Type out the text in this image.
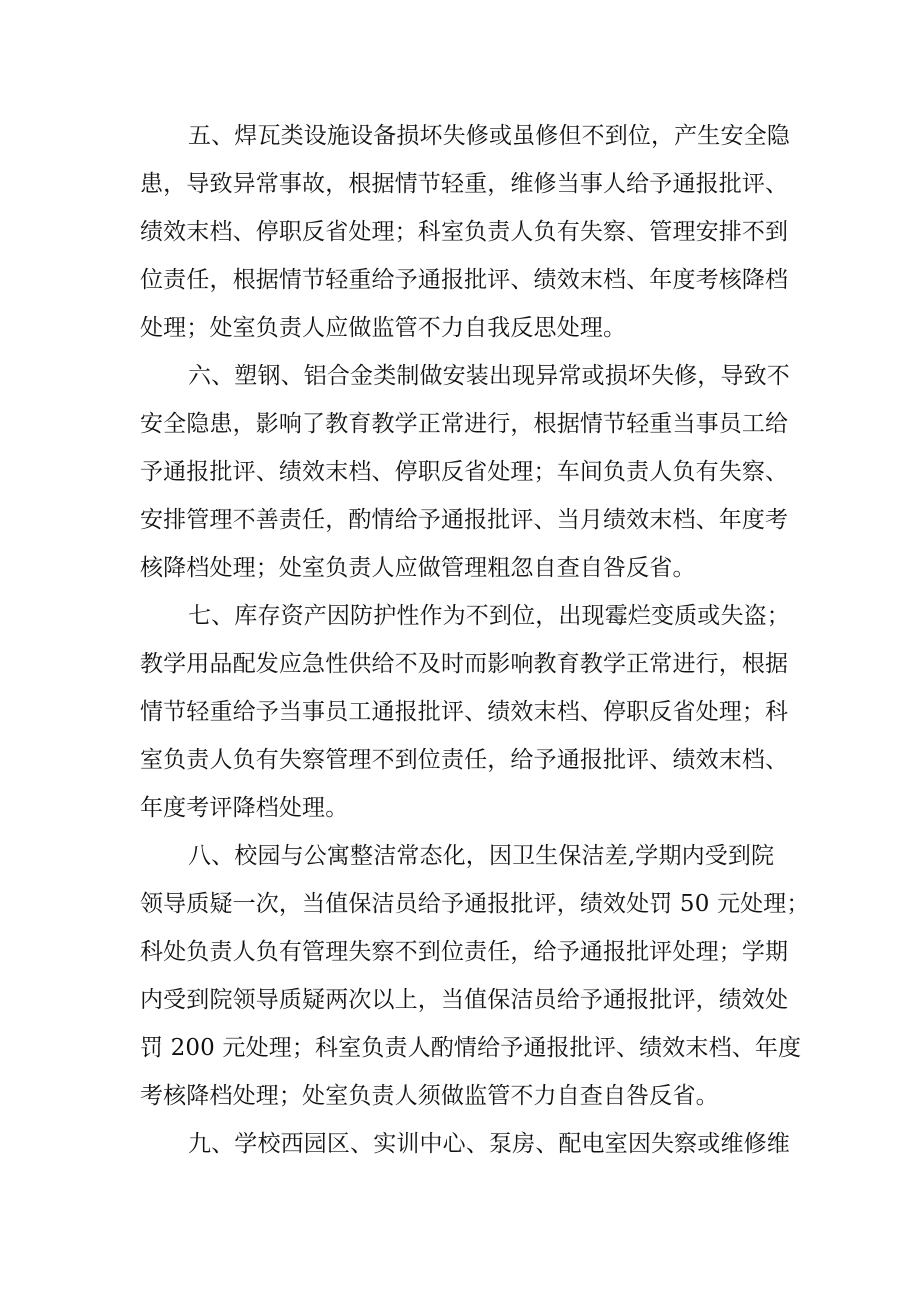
五、焊瓦类设施设备损坏失修或虽修但不到位，产生安全隐
患，导致异常事故，根据情节轻重，维修当事人给予通报批评、
绩效末档、停职反省处理；科室负责人负有失察、管理安排不到
位责任，根据情节轻重给予通报批评、绩效末档、年度考核降档
处理；处室负责人应做监管不力自我反思处理。
六、塑钢、铝合金类制做安装出现异常或损坏失修，导致不
安全隐患，影响了教育教学正常进行，根据情节轻重当事员工给
予通报批评、绩效末档、停职反省处理；车间负责人负有失察、
安排管理不善责任，酌情给予通报批评、当月绩效末档、年度考
核降档处理；处室负责人应做管理粗忽自查自咎反省。
七、库存资产因防护性作为不到位，出现霉烂变质或失盗；
教学用品配发应急性供给不及时而影响教育教学正常进行，根据
情节轻重给予当事员工通报批评、绩效末档、停职反省处理；科
室负责人负有失察管理不到位责任，给予通报批评、绩效末档、
年度考评降档处理。
八、校园与公寓整洁常态化，因卫生保洁差,学期内受到院
领导质疑一次，当值保洁员给予通报批评，绩效处罚 50 元处理；
科处负责人负有管理失察不到位责任，给予通报批评处理；学期
内受到院领导质疑两次以上，当值保洁员给予通报批评，绩效处
罚 200 元处理；科室负责人酌情给予通报批评、绩效末档、年度
考核降档处理；处室负责人须做监管不力自查自咎反省。
九、学校西园区、实训中心、泵房、配电室因失察或维修维
